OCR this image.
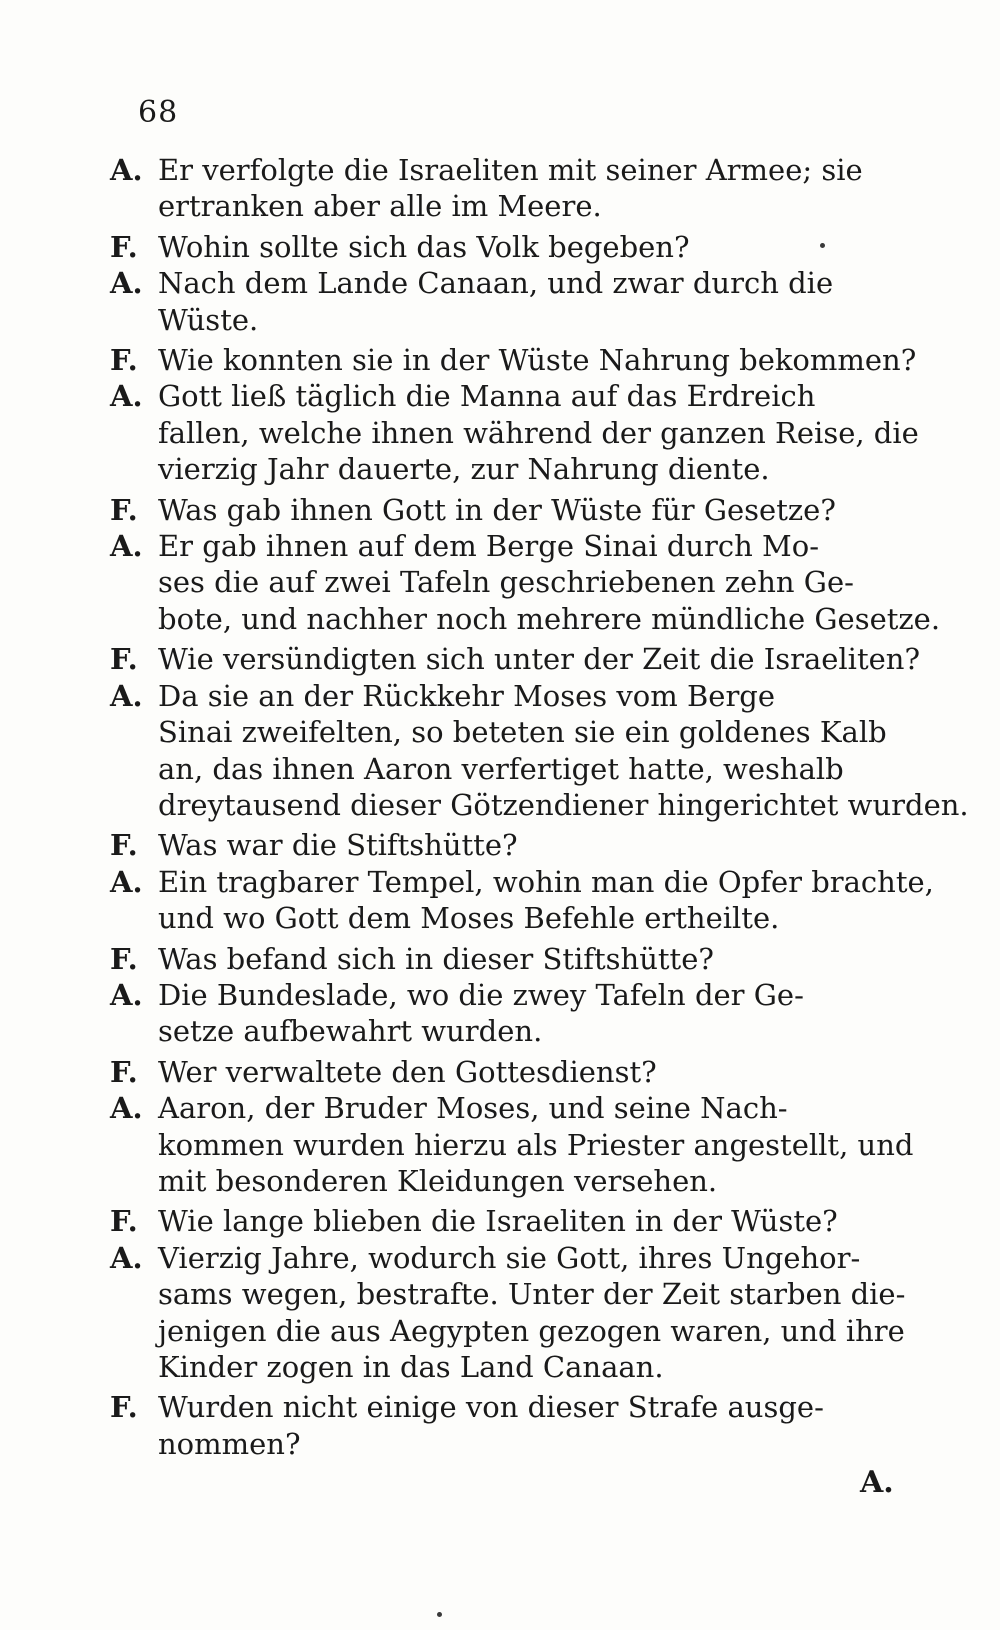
68

A. Er verfolgte die Israeliten mit seiner Armee; sie
ertranken aber alle im Meere.

F. Wohin sollte sich das Volk begeben?

A. Nach dem Lande Canaan, und zwar durch die
Wüste.

F. Wie konnten sie in der Wüste Nahrung bekommen?

A. Gott ließ täglich die Manna auf das Erdreich
fallen, welche ihnen während der ganzen Reise, die
vierzig Jahr dauerte, zur Nahrung diente.

F. Was gab ihnen Gott in der Wüste für Gesetze?

A. Er gab ihnen auf dem Berge Sinai durch Mo-
ses die auf zwei Tafeln geschriebenen zehn Ge-
bote, und nachher noch mehrere mündliche Gesetze.

F. Wie versündigten sich unter der Zeit die Israeliten?

A. Da sie an der Rückkehr Moses vom Berge
Sinai zweifelten, so beteten sie ein goldenes Kalb
an, das ihnen Aaron verfertiget hatte, weshalb
dreytausend dieser Götzendiener hingerichtet wurden.

F. Was war die Stiftshütte?

A. Ein tragbarer Tempel, wohin man die Opfer brachte,
und wo Gott dem Moses Befehle ertheilte.

F. Was befand sich in dieser Stiftshütte?

A. Die Bundeslade, wo die zwey Tafeln der Ge-
setze aufbewahrt wurden.

F. Wer verwaltete den Gottesdienst?

A. Aaron, der Bruder Moses, und seine Nach-
kommen wurden hierzu als Priester angestellt, und
mit besonderen Kleidungen versehen.

F. Wie lange blieben die Israeliten in der Wüste?

A. Vierzig Jahre, wodurch sie Gott, ihres Ungehor-
sams wegen, bestrafte. Unter der Zeit starben die-
jenigen die aus Aegypten gezogen waren, und ihre
Kinder zogen in das Land Canaan.

F. Wurden nicht einige von dieser Strafe ausge-
nommen?

A.
